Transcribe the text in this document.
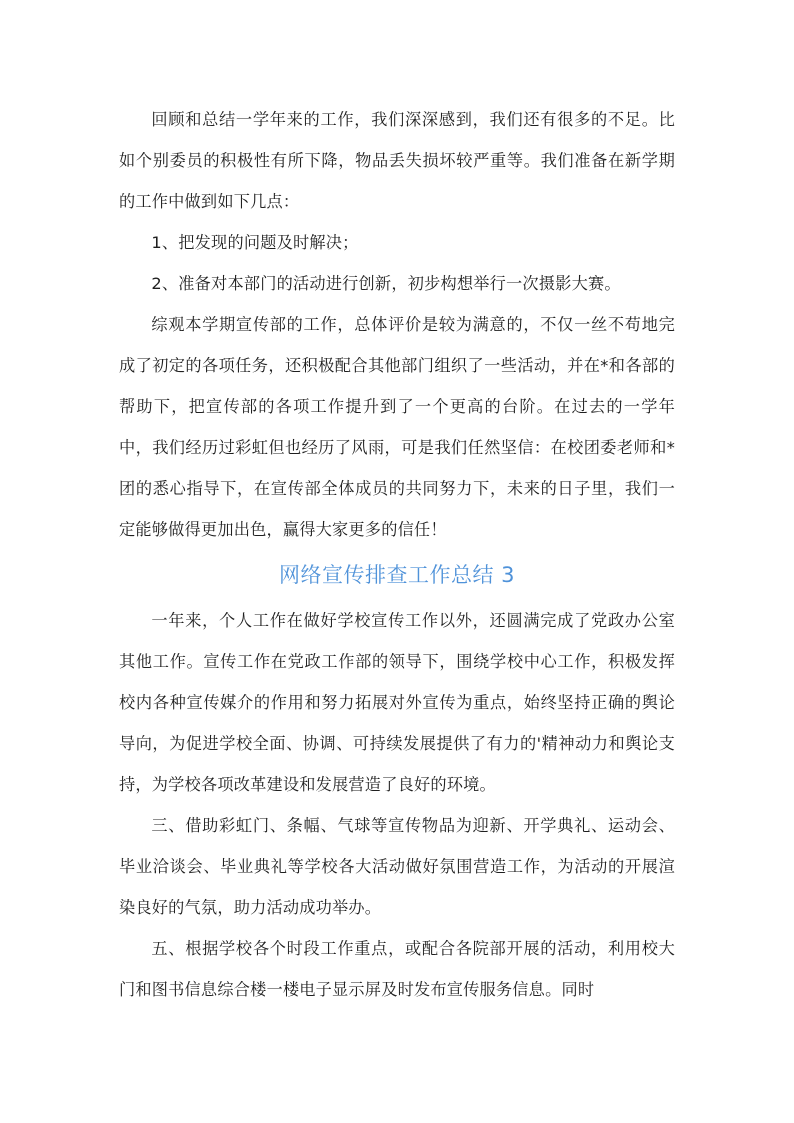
回顾和总结一学年来的工作，我们深深感到，我们还有很多的不足。比如个别委员的积极性有所下降，物品丢失损坏较严重等。我们准备在新学期的工作中做到如下几点：

1、把发现的问题及时解决；

2、准备对本部门的活动进行创新，初步构想举行一次摄影大赛。

综观本学期宣传部的工作，总体评价是较为满意的，不仅一丝不苟地完成了初定的各项任务，还积极配合其他部门组织了一些活动，并在*和各部的帮助下，把宣传部的各项工作提升到了一个更高的台阶。在过去的一学年中，我们经历过彩虹但也经历了风雨，可是我们任然坚信：在校团委老师和*团的悉心指导下，在宣传部全体成员的共同努力下，未来的日子里，我们一定能够做得更加出色，赢得大家更多的信任！

网络宣传排查工作总结 3

一年来，个人工作在做好学校宣传工作以外，还圆满完成了党政办公室其他工作。宣传工作在党政工作部的领导下，围绕学校中心工作，积极发挥校内各种宣传媒介的作用和努力拓展对外宣传为重点，始终坚持正确的舆论导向，为促进学校全面、协调、可持续发展提供了有力的'精神动力和舆论支持，为学校各项改革建设和发展营造了良好的环境。

三、借助彩虹门、条幅、气球等宣传物品为迎新、开学典礼、运动会、毕业洽谈会、毕业典礼等学校各大活动做好氛围营造工作，为活动的开展渲染良好的气氛，助力活动成功举办。

五、根据学校各个时段工作重点，或配合各院部开展的活动，利用校大门和图书信息综合楼一楼电子显示屏及时发布宣传服务信息。同时
